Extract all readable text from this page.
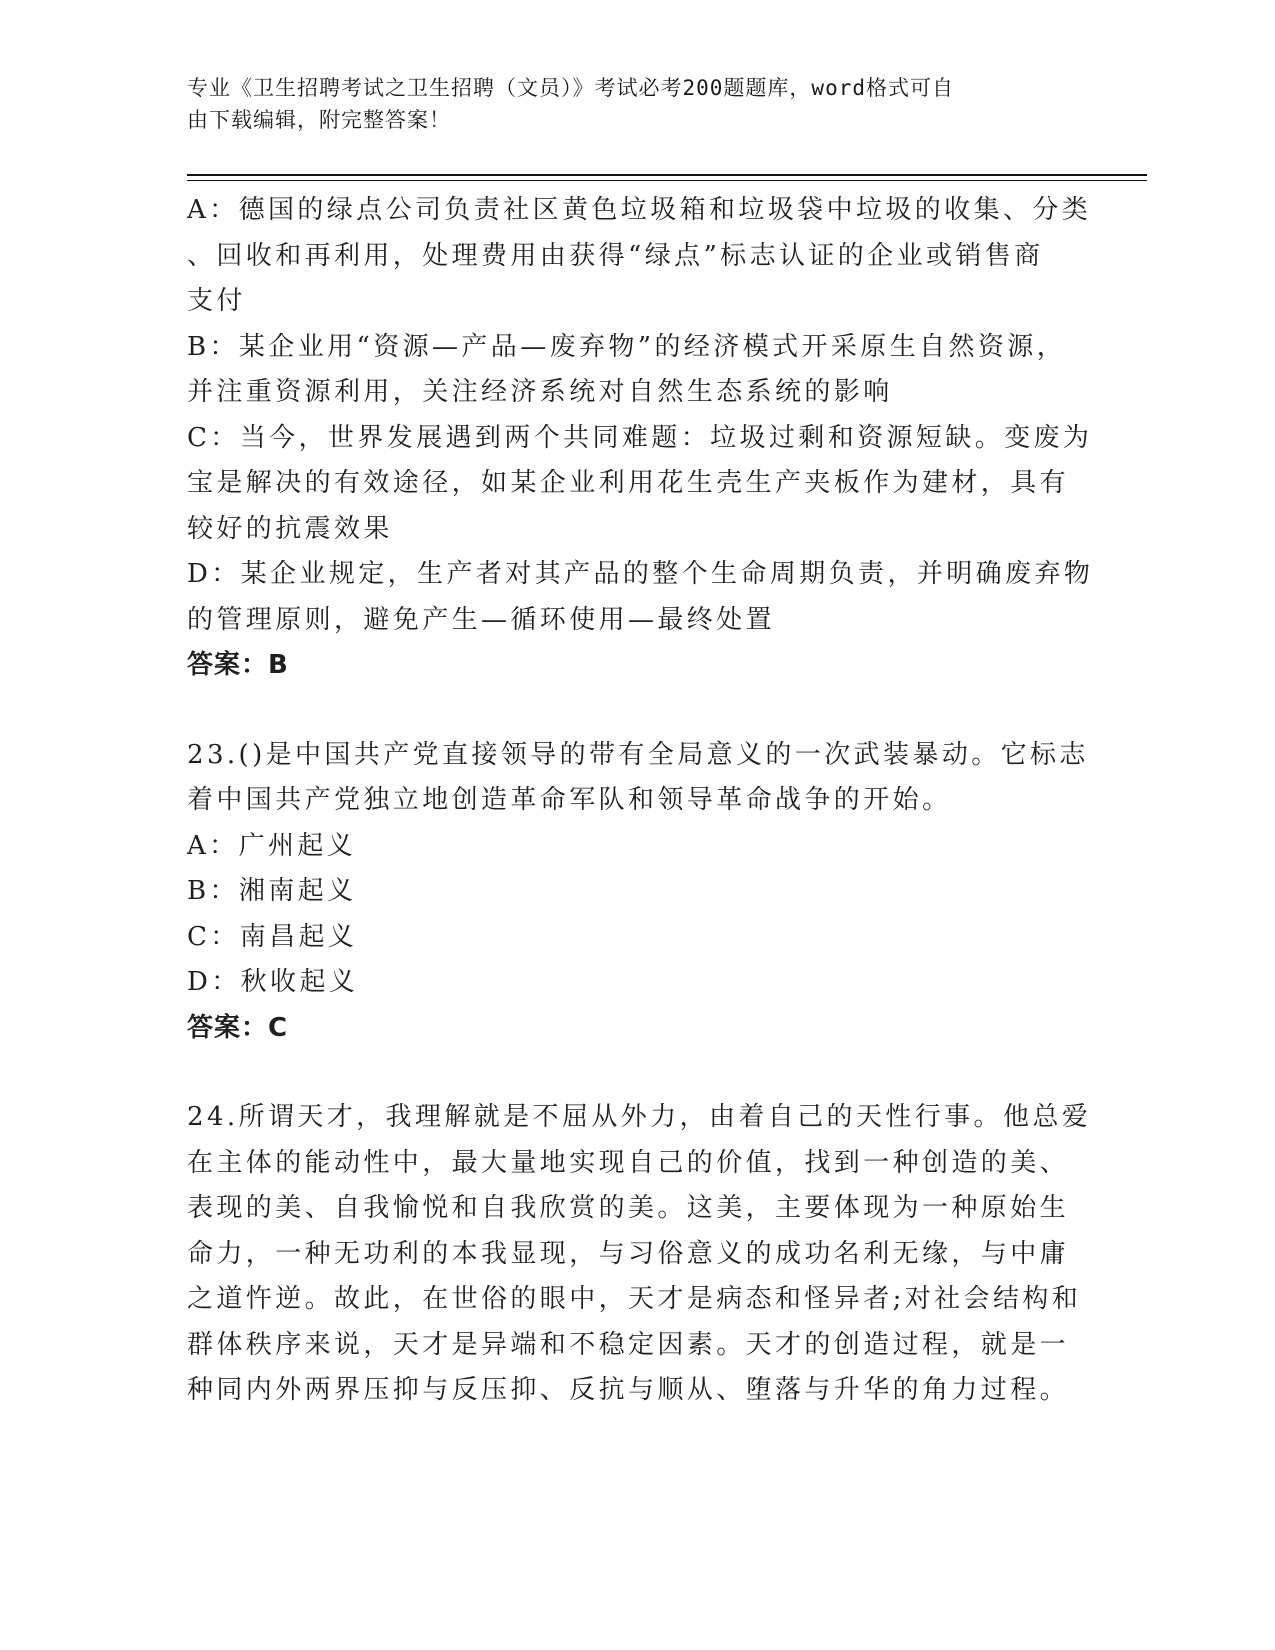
专业《卫生招聘考试之卫生招聘（文员）》考试必考200题题库，word格式可自
由下载编辑，附完整答案！

A：德国的绿点公司负责社区黄色垃圾箱和垃圾袋中垃圾的收集、分类

、回收和再利用，处理费用由获得“绿点”标志认证的企业或销售商

支付

B：某企业用“资源—产品—废弃物”的经济模式开采原生自然资源，

并注重资源利用，关注经济系统对自然生态系统的影响

C：当今，世界发展遇到两个共同难题：垃圾过剩和资源短缺。变废为

宝是解决的有效途径，如某企业利用花生壳生产夹板作为建材，具有

较好的抗震效果

D：某企业规定，生产者对其产品的整个生命周期负责，并明确废弃物

的管理原则，避免产生—循环使用—最终处置

答案：B

23.()是中国共产党直接领导的带有全局意义的一次武装暴动。它标志

着中国共产党独立地创造革命军队和领导革命战争的开始。

A：广州起义

B：湘南起义

C：南昌起义

D：秋收起义

答案：C

24.所谓天才，我理解就是不屈从外力，由着自己的天性行事。他总爱

在主体的能动性中，最大量地实现自己的价值，找到一种创造的美、

表现的美、自我愉悦和自我欣赏的美。这美，主要体现为一种原始生

命力，一种无功利的本我显现，与习俗意义的成功名利无缘，与中庸

之道忤逆。故此，在世俗的眼中，天才是病态和怪异者;对社会结构和

群体秩序来说，天才是异端和不稳定因素。天才的创造过程，就是一

种同内外两界压抑与反压抑、反抗与顺从、堕落与升华的角力过程。
